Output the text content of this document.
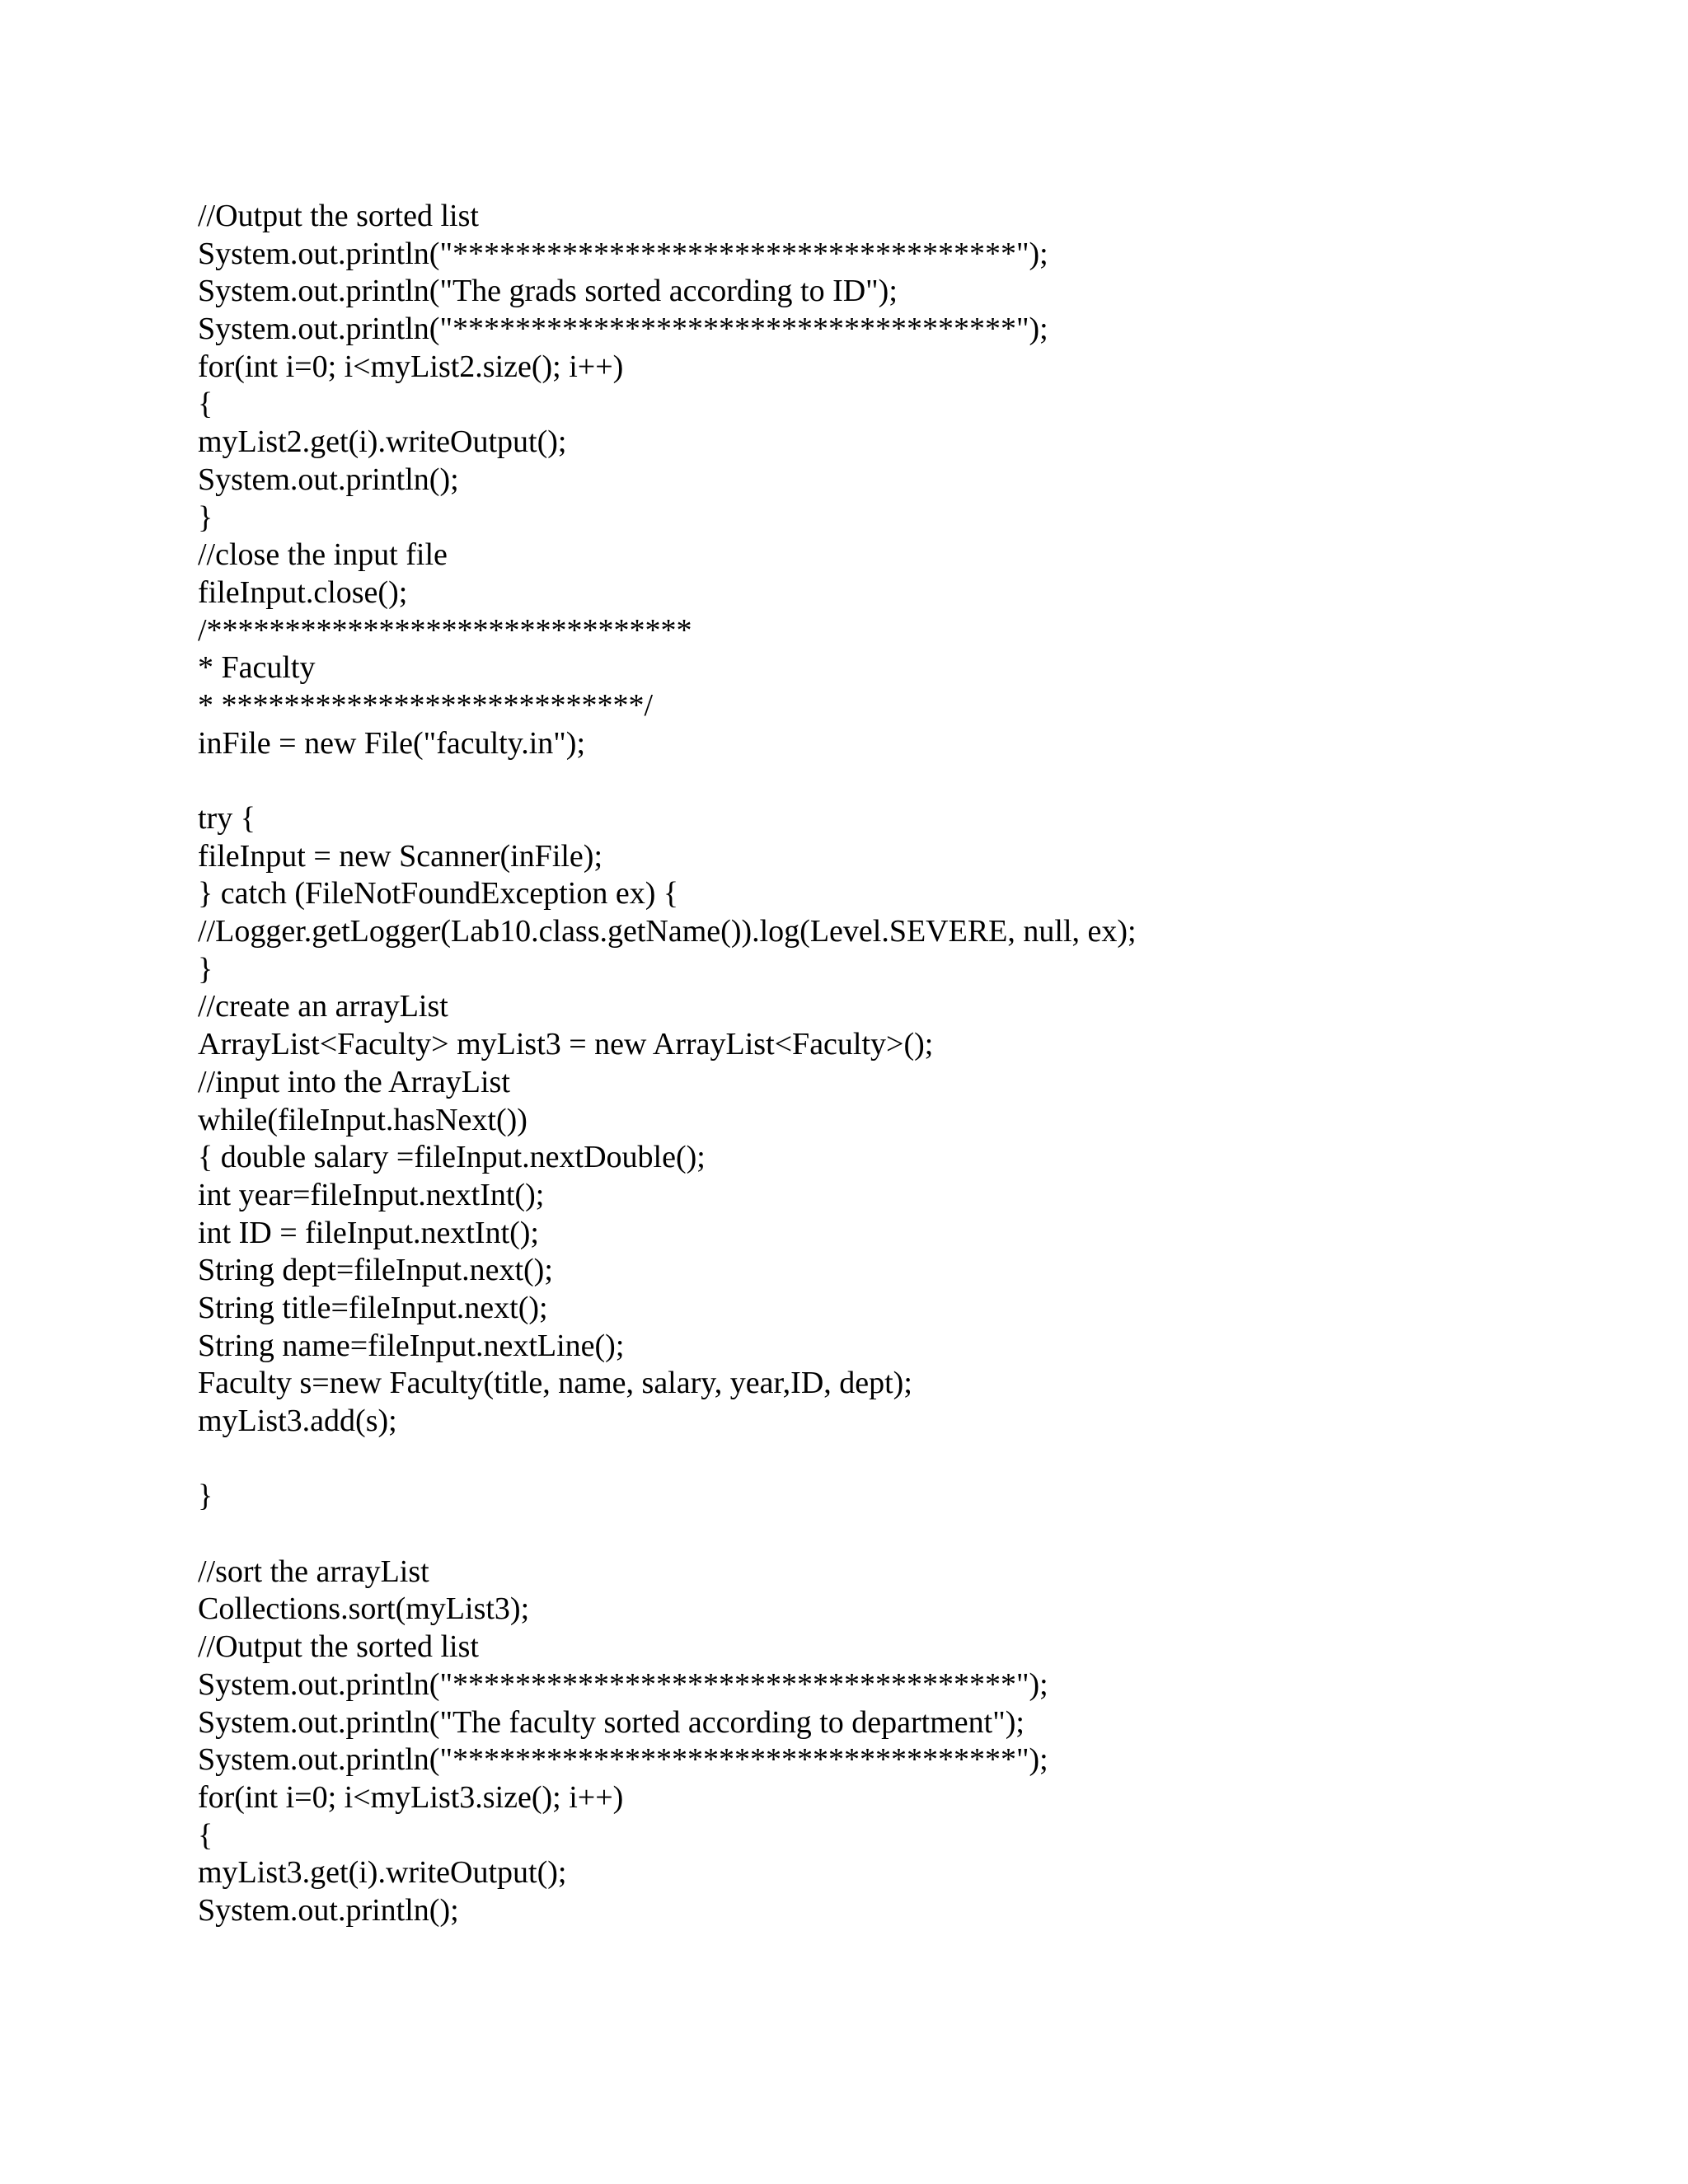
//Output the sorted list
System.out.println("************************************");
System.out.println("The grads sorted according to ID");
System.out.println("************************************");
for(int i=0; i<myList2.size(); i++)
{
myList2.get(i).writeOutput();
System.out.println();
}
//close the input file
fileInput.close();
/*******************************
* Faculty
* ***************************/
inFile = new File("faculty.in");
try {
fileInput = new Scanner(inFile);
} catch (FileNotFoundException ex) {
//Logger.getLogger(Lab10.class.getName()).log(Level.SEVERE, null, ex);
}
//create an arrayList
ArrayList<Faculty> myList3 = new ArrayList<Faculty>();
//input into the ArrayList
while(fileInput.hasNext())
{ double salary =fileInput.nextDouble();
int year=fileInput.nextInt();
int ID = fileInput.nextInt();
String dept=fileInput.next();
String title=fileInput.next();
String name=fileInput.nextLine();
Faculty s=new Faculty(title, name, salary, year,ID, dept);
myList3.add(s);
}
//sort the arrayList
Collections.sort(myList3);
//Output the sorted list
System.out.println("************************************");
System.out.println("The faculty sorted according to department");
System.out.println("************************************");
for(int i=0; i<myList3.size(); i++)
{
myList3.get(i).writeOutput();
System.out.println();
